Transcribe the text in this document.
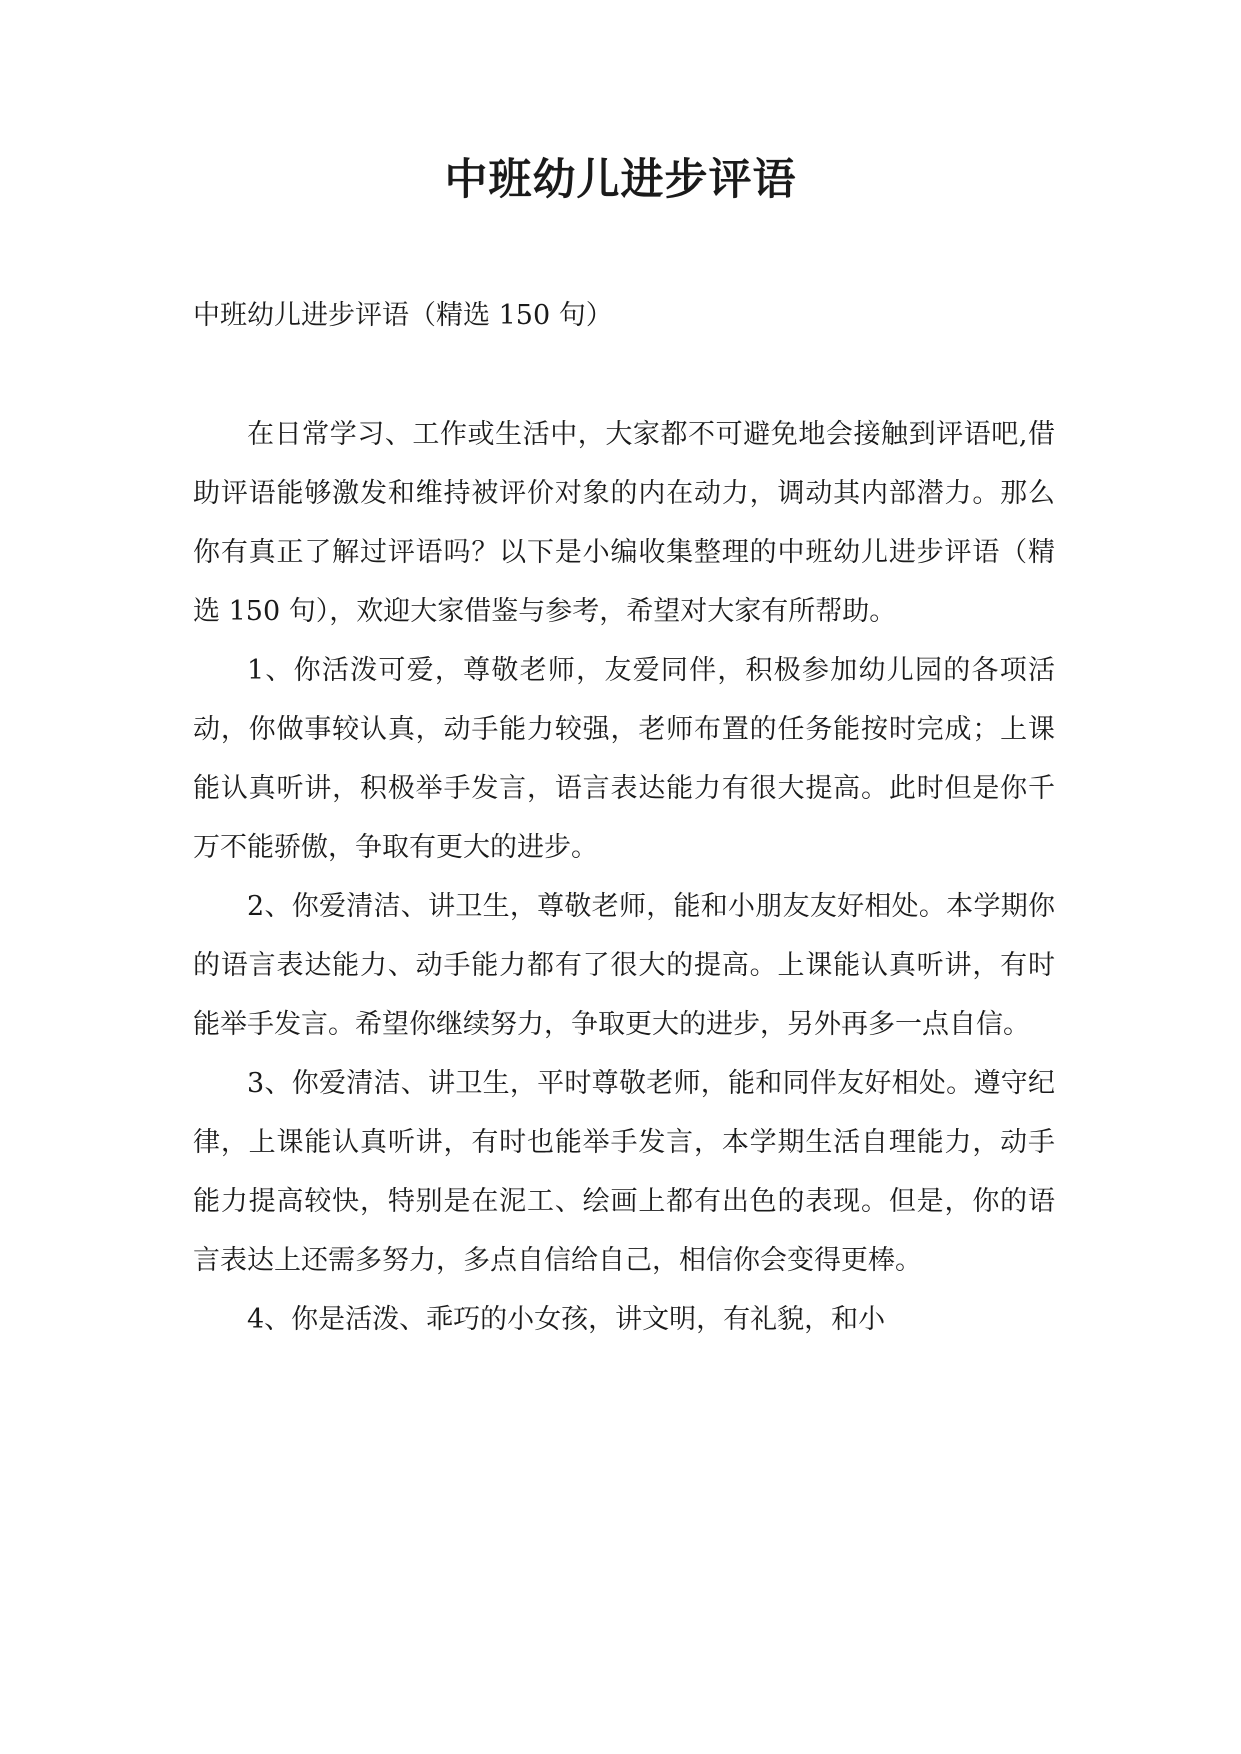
中班幼儿进步评语

中班幼儿进步评语（精选 150 句）

在日常学习、工作或生活中，大家都不可避免地会接触到评语吧,借助评语能够激发和维持被评价对象的内在动力，调动其内部潜力。那么你有真正了解过评语吗？以下是小编收集整理的中班幼儿进步评语（精选 150 句），欢迎大家借鉴与参考，希望对大家有所帮助。

1、你活泼可爱，尊敬老师，友爱同伴，积极参加幼儿园的各项活动，你做事较认真，动手能力较强，老师布置的任务能按时完成；上课能认真听讲，积极举手发言，语言表达能力有很大提高。此时但是你千万不能骄傲，争取有更大的进步。

2、你爱清洁、讲卫生，尊敬老师，能和小朋友友好相处。本学期你的语言表达能力、动手能力都有了很大的提高。上课能认真听讲，有时能举手发言。希望你继续努力，争取更大的进步，另外再多一点自信。

3、你爱清洁、讲卫生，平时尊敬老师，能和同伴友好相处。遵守纪律，上课能认真听讲，有时也能举手发言，本学期生活自理能力，动手能力提高较快，特别是在泥工、绘画上都有出色的表现。但是，你的语言表达上还需多努力，多点自信给自己，相信你会变得更棒。

4、你是活泼、乖巧的小女孩，讲文明，有礼貌，和小
